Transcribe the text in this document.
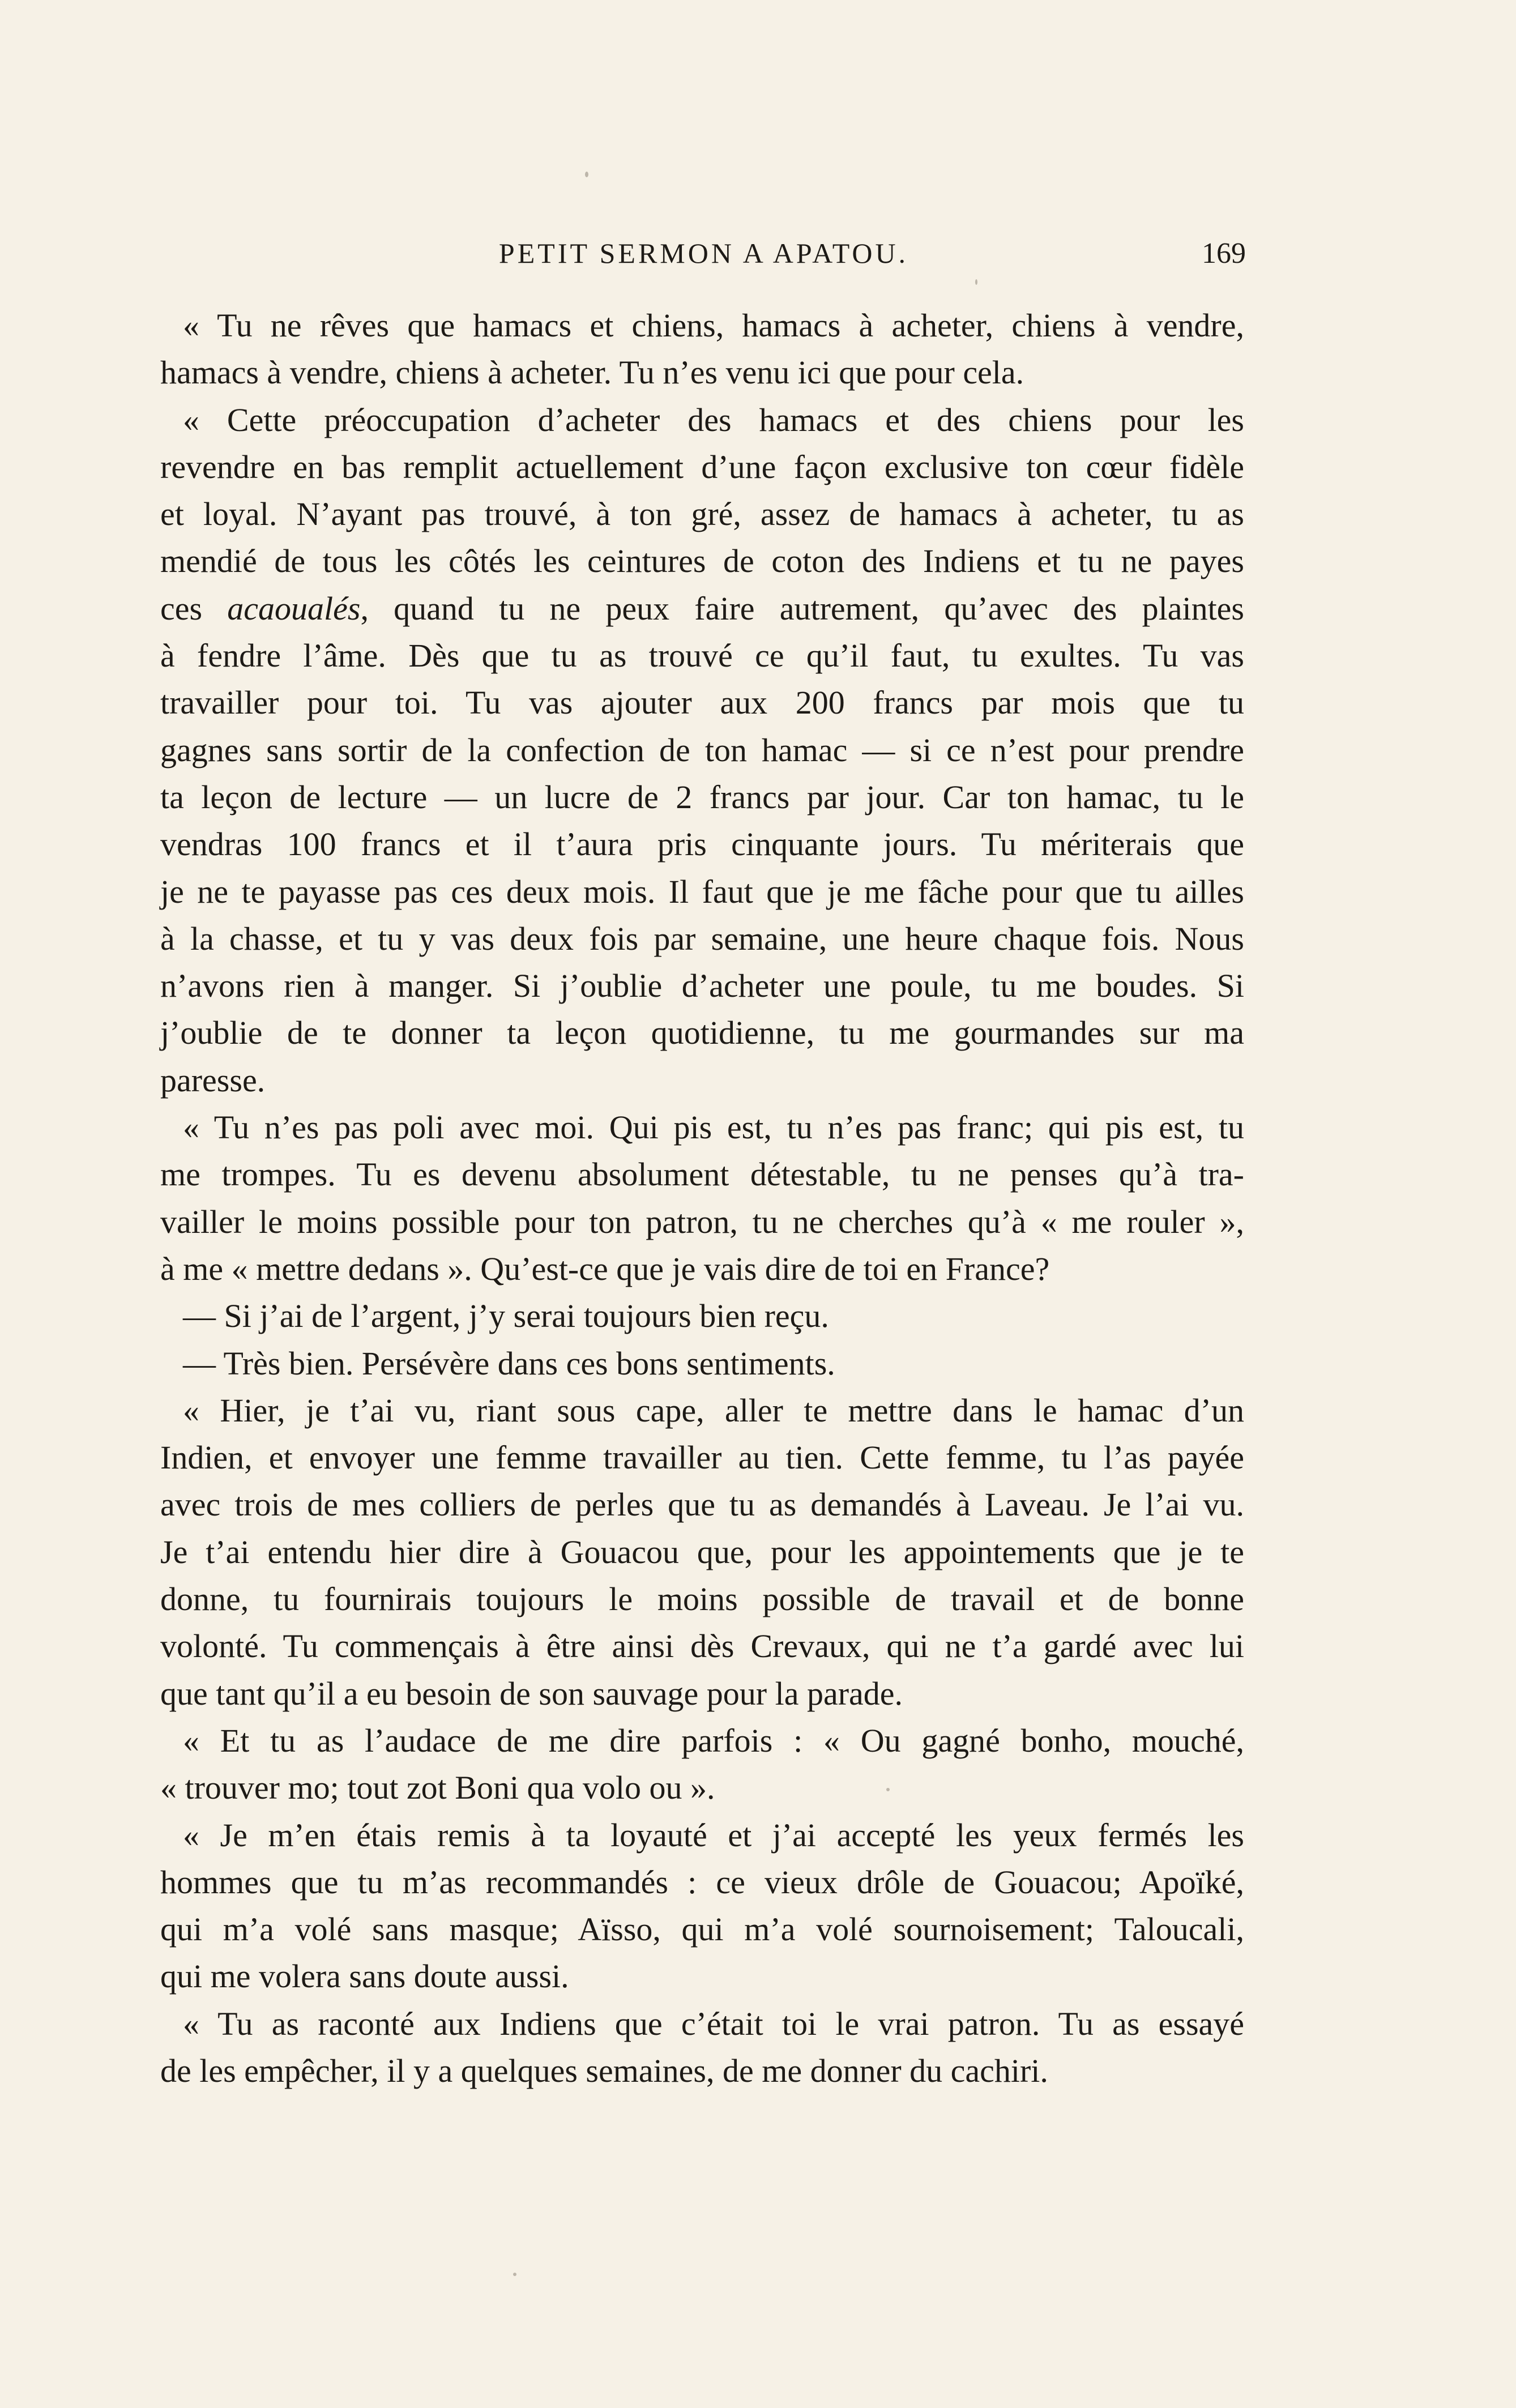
PETIT SERMON A APATOU.	169
« Tu ne rêves que hamacs et chiens, hamacs à acheter, chiens à vendre,
hamacs à vendre, chiens à acheter. Tu n’es venu ici que pour cela.
« Cette préoccupation d’acheter des hamacs et des chiens pour les
revendre en bas remplit actuellement d’une façon exclusive ton cœur fidèle
et loyal. N’ayant pas trouvé, à ton gré, assez de hamacs à acheter, tu as
mendié de tous les côtés les ceintures de coton des Indiens et tu ne payes
ces acaoualés, quand tu ne peux faire autrement, qu’avec des plaintes
à fendre l’âme. Dès que tu as trouvé ce qu’il faut, tu exultes. Tu vas
travailler pour toi. Tu vas ajouter aux 200 francs par mois que tu
gagnes sans sortir de la confection de ton hamac — si ce n’est pour prendre
ta leçon de lecture — un lucre de 2 francs par jour. Car ton hamac, tu le
vendras 100 francs et il t’aura pris cinquante jours. Tu mériterais que
je ne te payasse pas ces deux mois. Il faut que je me fâche pour que tu ailles
à la chasse, et tu y vas deux fois par semaine, une heure chaque fois. Nous
n’avons rien à manger. Si j’oublie d’acheter une poule, tu me boudes. Si
j’oublie de te donner ta leçon quotidienne, tu me gourmandes sur ma
paresse.
« Tu n’es pas poli avec moi. Qui pis est, tu n’es pas franc; qui pis est, tu
me trompes. Tu es devenu absolument détestable, tu ne penses qu’à tra-
vailler le moins possible pour ton patron, tu ne cherches qu’à « me rouler »,
à me « mettre dedans ». Qu’est-ce que je vais dire de toi en France?
— Si j’ai de l’argent, j’y serai toujours bien reçu.
— Très bien. Persévère dans ces bons sentiments.
« Hier, je t’ai vu, riant sous cape, aller te mettre dans le hamac d’un
Indien, et envoyer une femme travailler au tien. Cette femme, tu l’as payée
avec trois de mes colliers de perles que tu as demandés à Laveau. Je l’ai vu.
Je t’ai entendu hier dire à Gouacou que, pour les appointements que je te
donne, tu fournirais toujours le moins possible de travail et de bonne
volonté. Tu commençais à être ainsi dès Crevaux, qui ne t’a gardé avec lui
que tant qu’il a eu besoin de son sauvage pour la parade.
« Et tu as l’audace de me dire parfois : « Ou gagné bonho, mouché,
« trouver mo; tout zot Boni qua volo ou ».
« Je m’en étais remis à ta loyauté et j’ai accepté les yeux fermés les
hommes que tu m’as recommandés : ce vieux drôle de Gouacou; Apoïké,
qui m’a volé sans masque; Aïsso, qui m’a volé sournoisement; Taloucali,
qui me volera sans doute aussi.
« Tu as raconté aux Indiens que c’était toi le vrai patron. Tu as essayé
de les empêcher, il y a quelques semaines, de me donner du cachiri.
